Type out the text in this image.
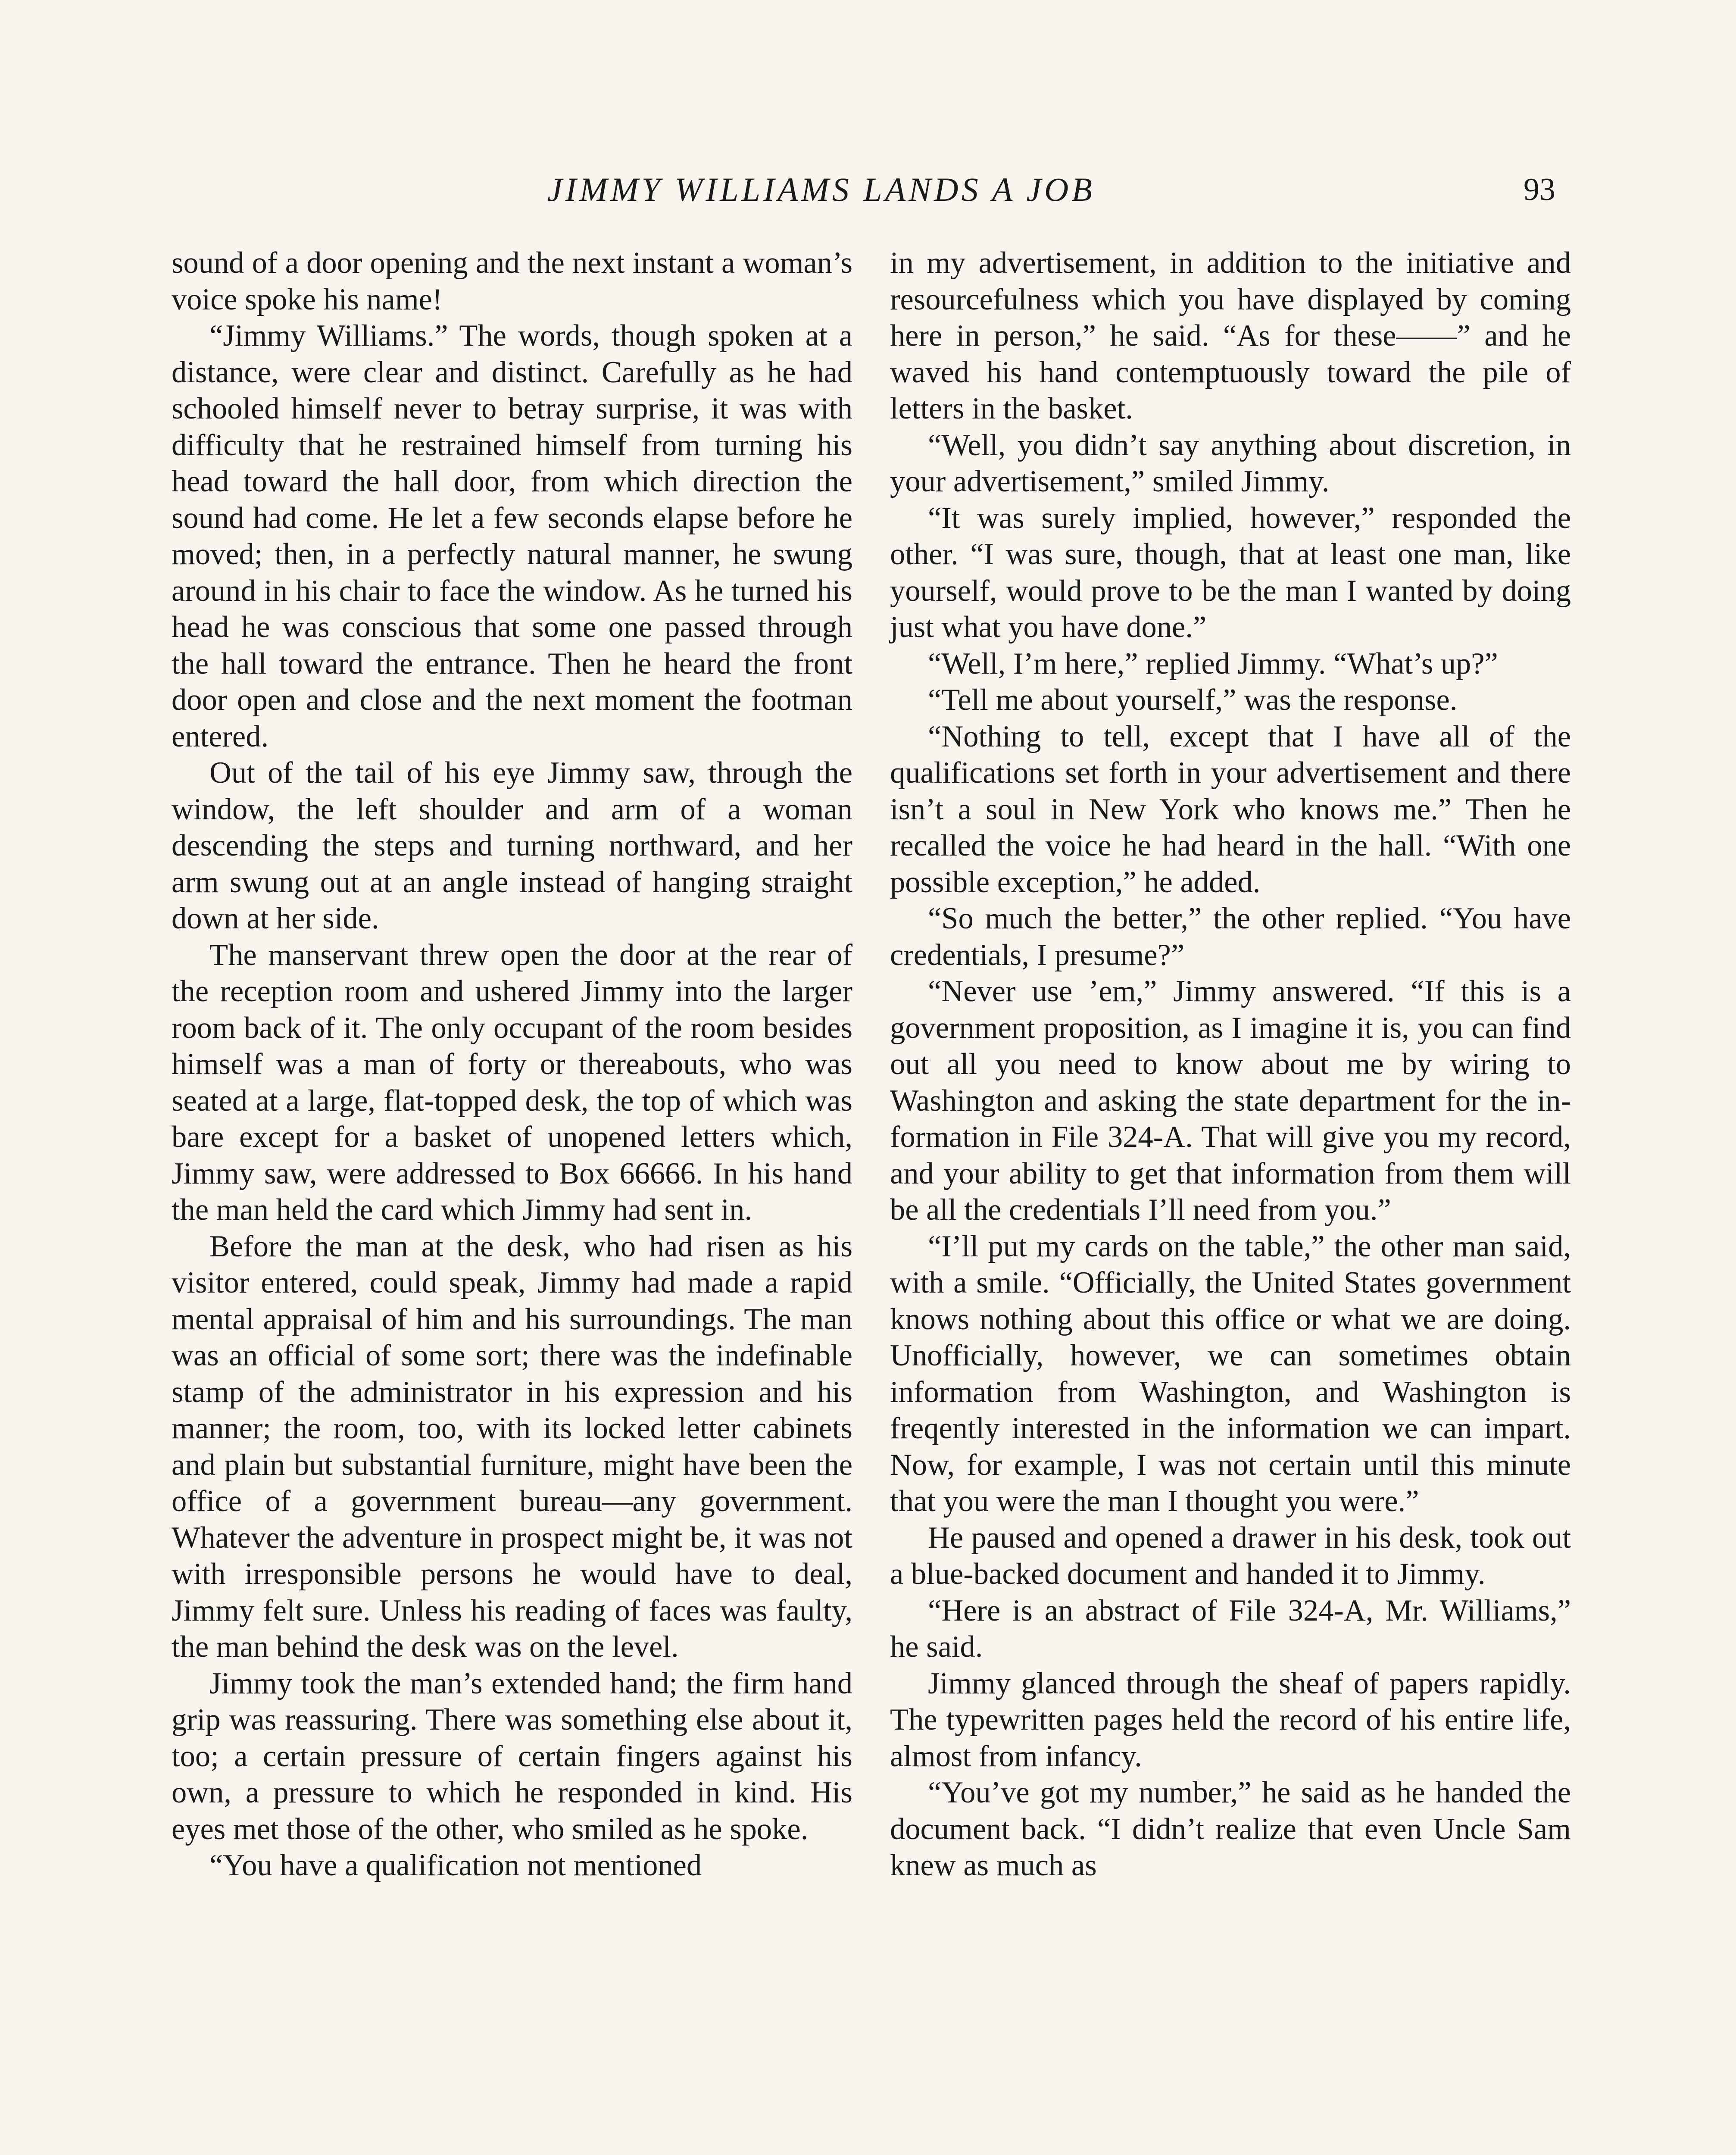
JIMMY WILLIAMS LANDS A JOB	93

sound of a door opening and the next instant a woman’s voice spoke his name!

“Jimmy Williams.” The words, though spoken at a distance, were clear and distinct. Carefully as he had schooled himself never to betray surprise, it was with difficulty that he restrained himself from turning his head toward the hall door, from which direction the sound had come. He let a few seconds elapse before he moved; then, in a perfectly natural manner, he swung around in his chair to face the window. As he turned his head he was conscious that some one passed through the hall toward the entrance. Then he heard the front door open and close and the next moment the footman entered.

Out of the tail of his eye Jimmy saw, through the window, the left shoulder and arm of a woman descending the steps and turning northward, and her arm swung out at an angle instead of hanging straight down at her side.

The manservant threw open the door at the rear of the reception room and ushered Jimmy into the larger room back of it. The only occupant of the room besides himself was a man of forty or thereabouts, who was seated at a large, flat-topped desk, the top of which was bare except for a basket of unopened letters which, Jimmy saw, were addressed to Box 66666. In his hand the man held the card which Jimmy had sent in.

Before the man at the desk, who had risen as his visitor entered, could speak, Jimmy had made a rapid mental appraisal of him and his surroundings. The man was an official of some sort; there was the indefinable stamp of the administrator in his expression and his manner; the room, too, with its locked letter cabinets and plain but substantial furniture, might have been the office of a government bureau—any government. Whatever the adventure in prospect might be, it was not with irresponsible persons he would have to deal, Jimmy felt sure. Unless his reading of faces was faulty, the man behind the desk was on the level.

Jimmy took the man’s extended hand; the firm hand grip was reassuring. There was something else about it, too; a certain pressure of certain fingers against his own, a pressure to which he responded in kind. His eyes met those of the other, who smiled as he spoke.

“You have a qualification not mentioned

in my advertisement, in addition to the initiative and resourcefulness which you have displayed by coming here in person,” he said. “As for these——” and he waved his hand contemptuously toward the pile of letters in the basket.

“Well, you didn’t say anything about discretion, in your advertisement,” smiled Jimmy.

“It was surely implied, however,” responded the other. “I was sure, though, that at least one man, like yourself, would prove to be the man I wanted by doing just what you have done.”

“Well, I’m here,” replied Jimmy. “What’s up?”

“Tell me about yourself,” was the response.

“Nothing to tell, except that I have all of the qualifications set forth in your advertisement and there isn’t a soul in New York who knows me.” Then he recalled the voice he had heard in the hall. “With one possible exception,” he added.

“So much the better,” the other replied. “You have credentials, I presume?”

“Never use ’em,” Jimmy answered. “If this is a government proposition, as I imagine it is, you can find out all you need to know about me by wiring to Washington and asking the state department for the information in File 324-A. That will give you my record, and your ability to get that information from them will be all the credentials I’ll need from you.”

“I’ll put my cards on the table,” the other man said, with a smile. “Officially, the United States government knows nothing about this office or what we are doing. Unofficially, however, we can sometimes obtain information from Washington, and Washington is freqently interested in the information we can impart. Now, for example, I was not certain until this minute that you were the man I thought you were.”

He paused and opened a drawer in his desk, took out a blue-backed document and handed it to Jimmy.

“Here is an abstract of File 324-A, Mr. Williams,” he said.

Jimmy glanced through the sheaf of papers rapidly. The typewritten pages held the record of his entire life, almost from infancy.

“You’ve got my number,” he said as he handed the document back. “I didn’t realize that even Uncle Sam knew as much as
